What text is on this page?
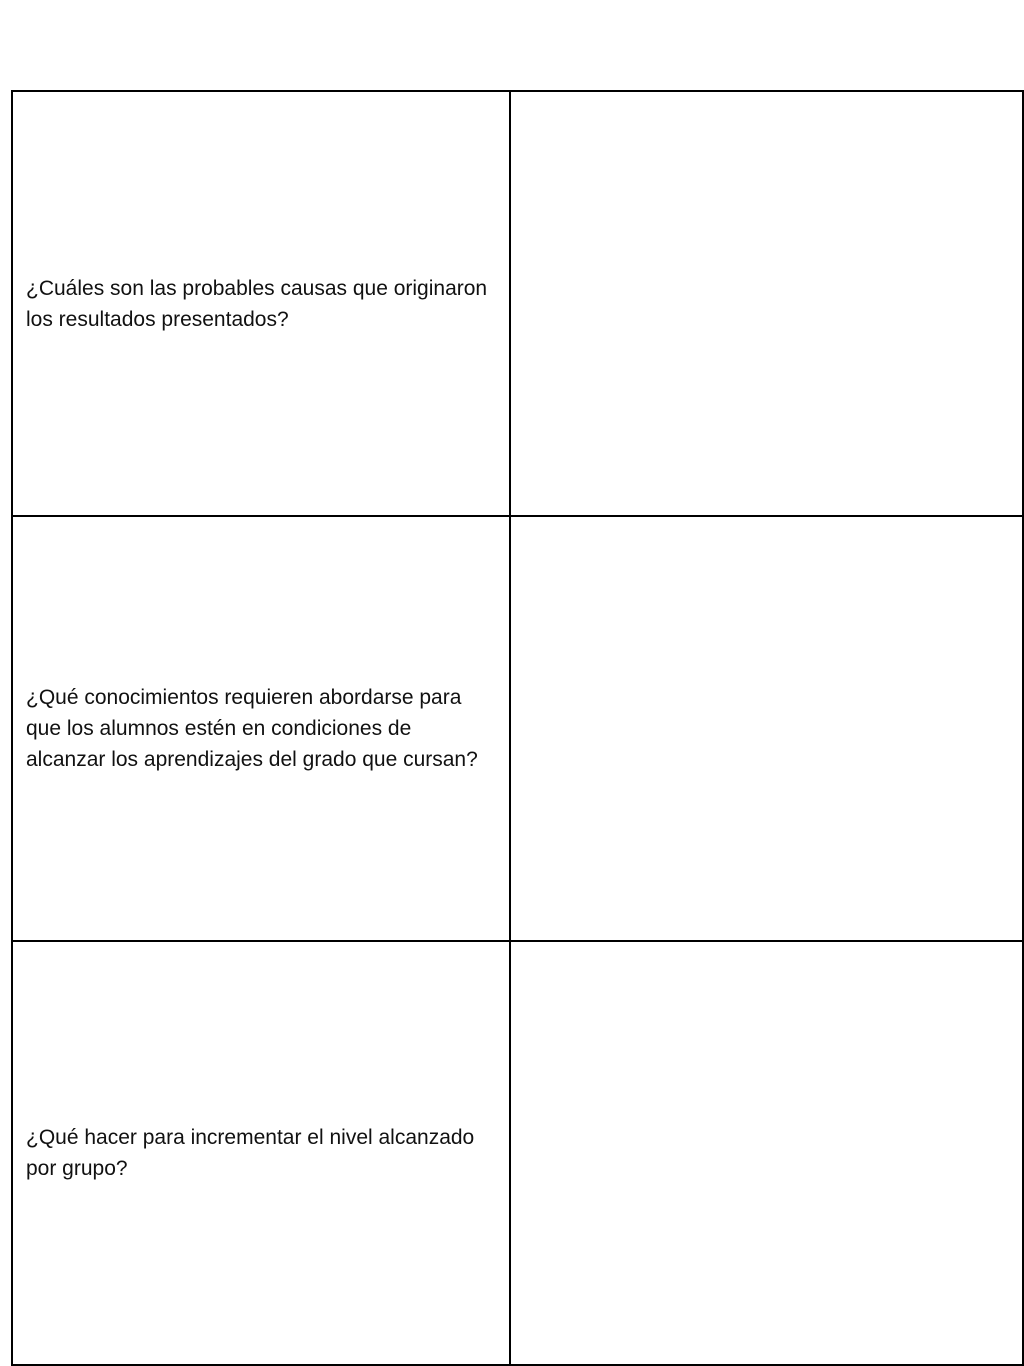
¿Cuáles son las probables causas que originaron los resultados presentados?	

¿Qué conocimientos requieren abordarse para que los alumnos estén en condiciones de alcanzar los aprendizajes del grado que cursan?	

¿Qué hacer para incrementar el nivel alcanzado por grupo?	
